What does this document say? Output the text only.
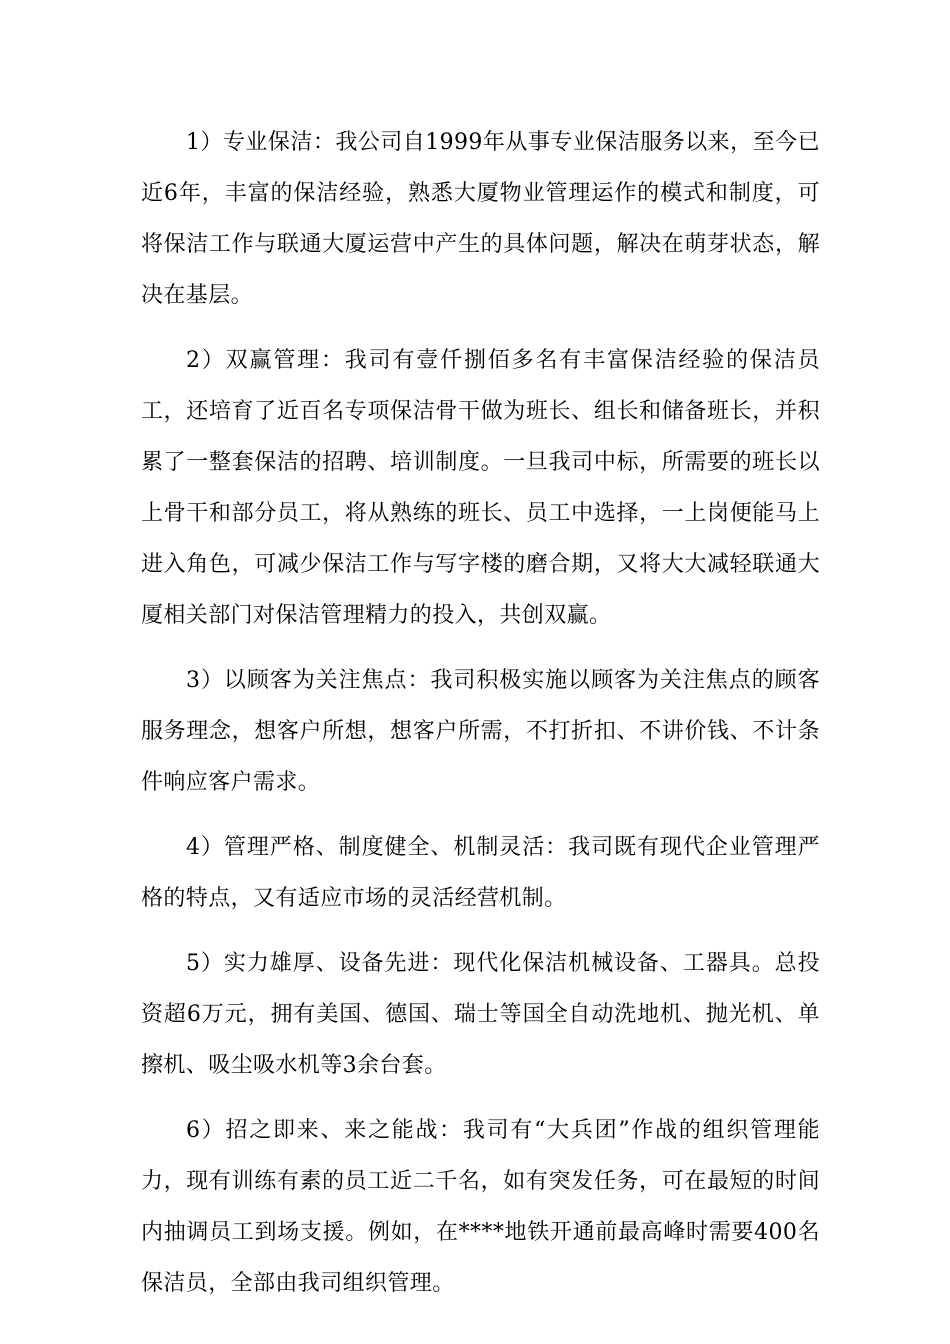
1）专业保洁：我公司自1999年从事专业保洁服务以来，至今已近6年，丰富的保洁经验，熟悉大厦物业管理运作的模式和制度，可将保洁工作与联通大厦运营中产生的具体问题，解决在萌芽状态，解决在基层。

2）双赢管理：我司有壹仟捌佰多名有丰富保洁经验的保洁员工，还培育了近百名专项保洁骨干做为班长、组长和储备班长，并积累了一整套保洁的招聘、培训制度。一旦我司中标，所需要的班长以上骨干和部分员工，将从熟练的班长、员工中选择，一上岗便能马上进入角色，可减少保洁工作与写字楼的磨合期，又将大大减轻联通大厦相关部门对保洁管理精力的投入，共创双赢。

3）以顾客为关注焦点：我司积极实施以顾客为关注焦点的顾客服务理念，想客户所想，想客户所需，不打折扣、不讲价钱、不计条件响应客户需求。

4）管理严格、制度健全、机制灵活：我司既有现代企业管理严格的特点，又有适应市场的灵活经营机制。

5）实力雄厚、设备先进：现代化保洁机械设备、工器具。总投资超6万元，拥有美国、德国、瑞士等国全自动洗地机、抛光机、单擦机、吸尘吸水机等3余台套。

6）招之即来、来之能战：我司有“大兵团”作战的组织管理能力，现有训练有素的员工近二千名，如有突发任务，可在最短的时间内抽调员工到场支援。例如，在****地铁开通前最高峰时需要400名保洁员，全部由我司组织管理。
